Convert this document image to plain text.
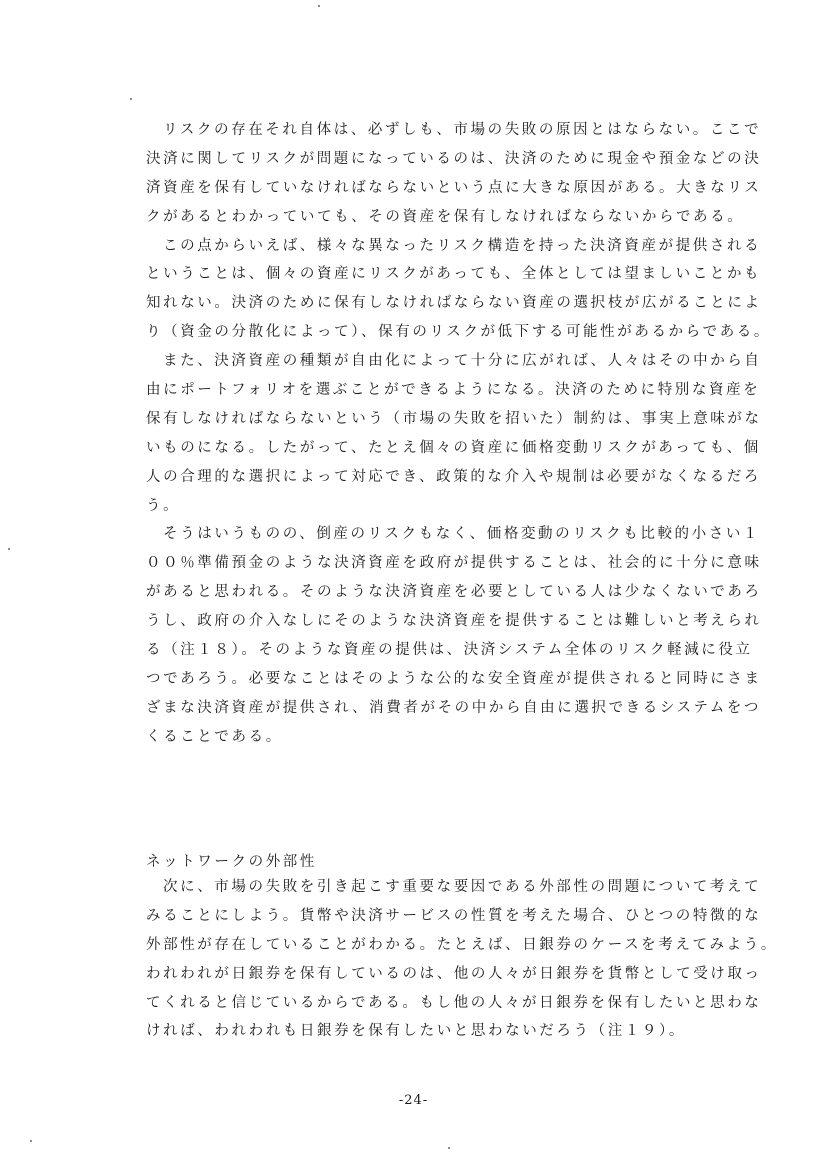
リスクの存在それ自体は、必ずしも、市場の失敗の原因とはならない。ここで
決済に関してリスクが問題になっているのは、決済のために現金や預金などの決
済資産を保有していなければならないという点に大きな原因がある。大きなリス
クがあるとわかっていても、その資産を保有しなければならないからである。
この点からいえば、様々な異なったリスク構造を持った決済資産が提供される
ということは、個々の資産にリスクがあっても、全体としては望ましいことかも
知れない。決済のために保有しなければならない資産の選択枝が広がることによ
り（資金の分散化によって）、保有のリスクが低下する可能性があるからである。
また、決済資産の種類が自由化によって十分に広がれば、人々はその中から自
由にポートフォリオを選ぶことができるようになる。決済のために特別な資産を
保有しなければならないという（市場の失敗を招いた）制約は、事実上意味がな
いものになる。したがって、たとえ個々の資産に価格変動リスクがあっても、個
人の合理的な選択によって対応でき、政策的な介入や規制は必要がなくなるだろ
う。
そうはいうものの、倒産のリスクもなく、価格変動のリスクも比較的小さい１
００％準備預金のような決済資産を政府が提供することは、社会的に十分に意味
があると思われる。そのような決済資産を必要としている人は少なくないであろ
うし、政府の介入なしにそのような決済資産を提供することは難しいと考えられ
る（注１８）。そのような資産の提供は、決済システム全体のリスク軽減に役立
つであろう。必要なことはそのような公的な安全資産が提供されると同時にさま
ざまな決済資産が提供され、消費者がその中から自由に選択できるシステムをつ
くることである。
ネットワークの外部性
次に、市場の失敗を引き起こす重要な要因である外部性の問題について考えて
みることにしよう。貨幣や決済サービスの性質を考えた場合、ひとつの特徴的な
外部性が存在していることがわかる。たとえば、日銀券のケースを考えてみよう。
われわれが日銀券を保有しているのは、他の人々が日銀券を貨幣として受け取っ
てくれると信じているからである。もし他の人々が日銀券を保有したいと思わな
ければ、われわれも日銀券を保有したいと思わないだろう（注１９）。
-24-
